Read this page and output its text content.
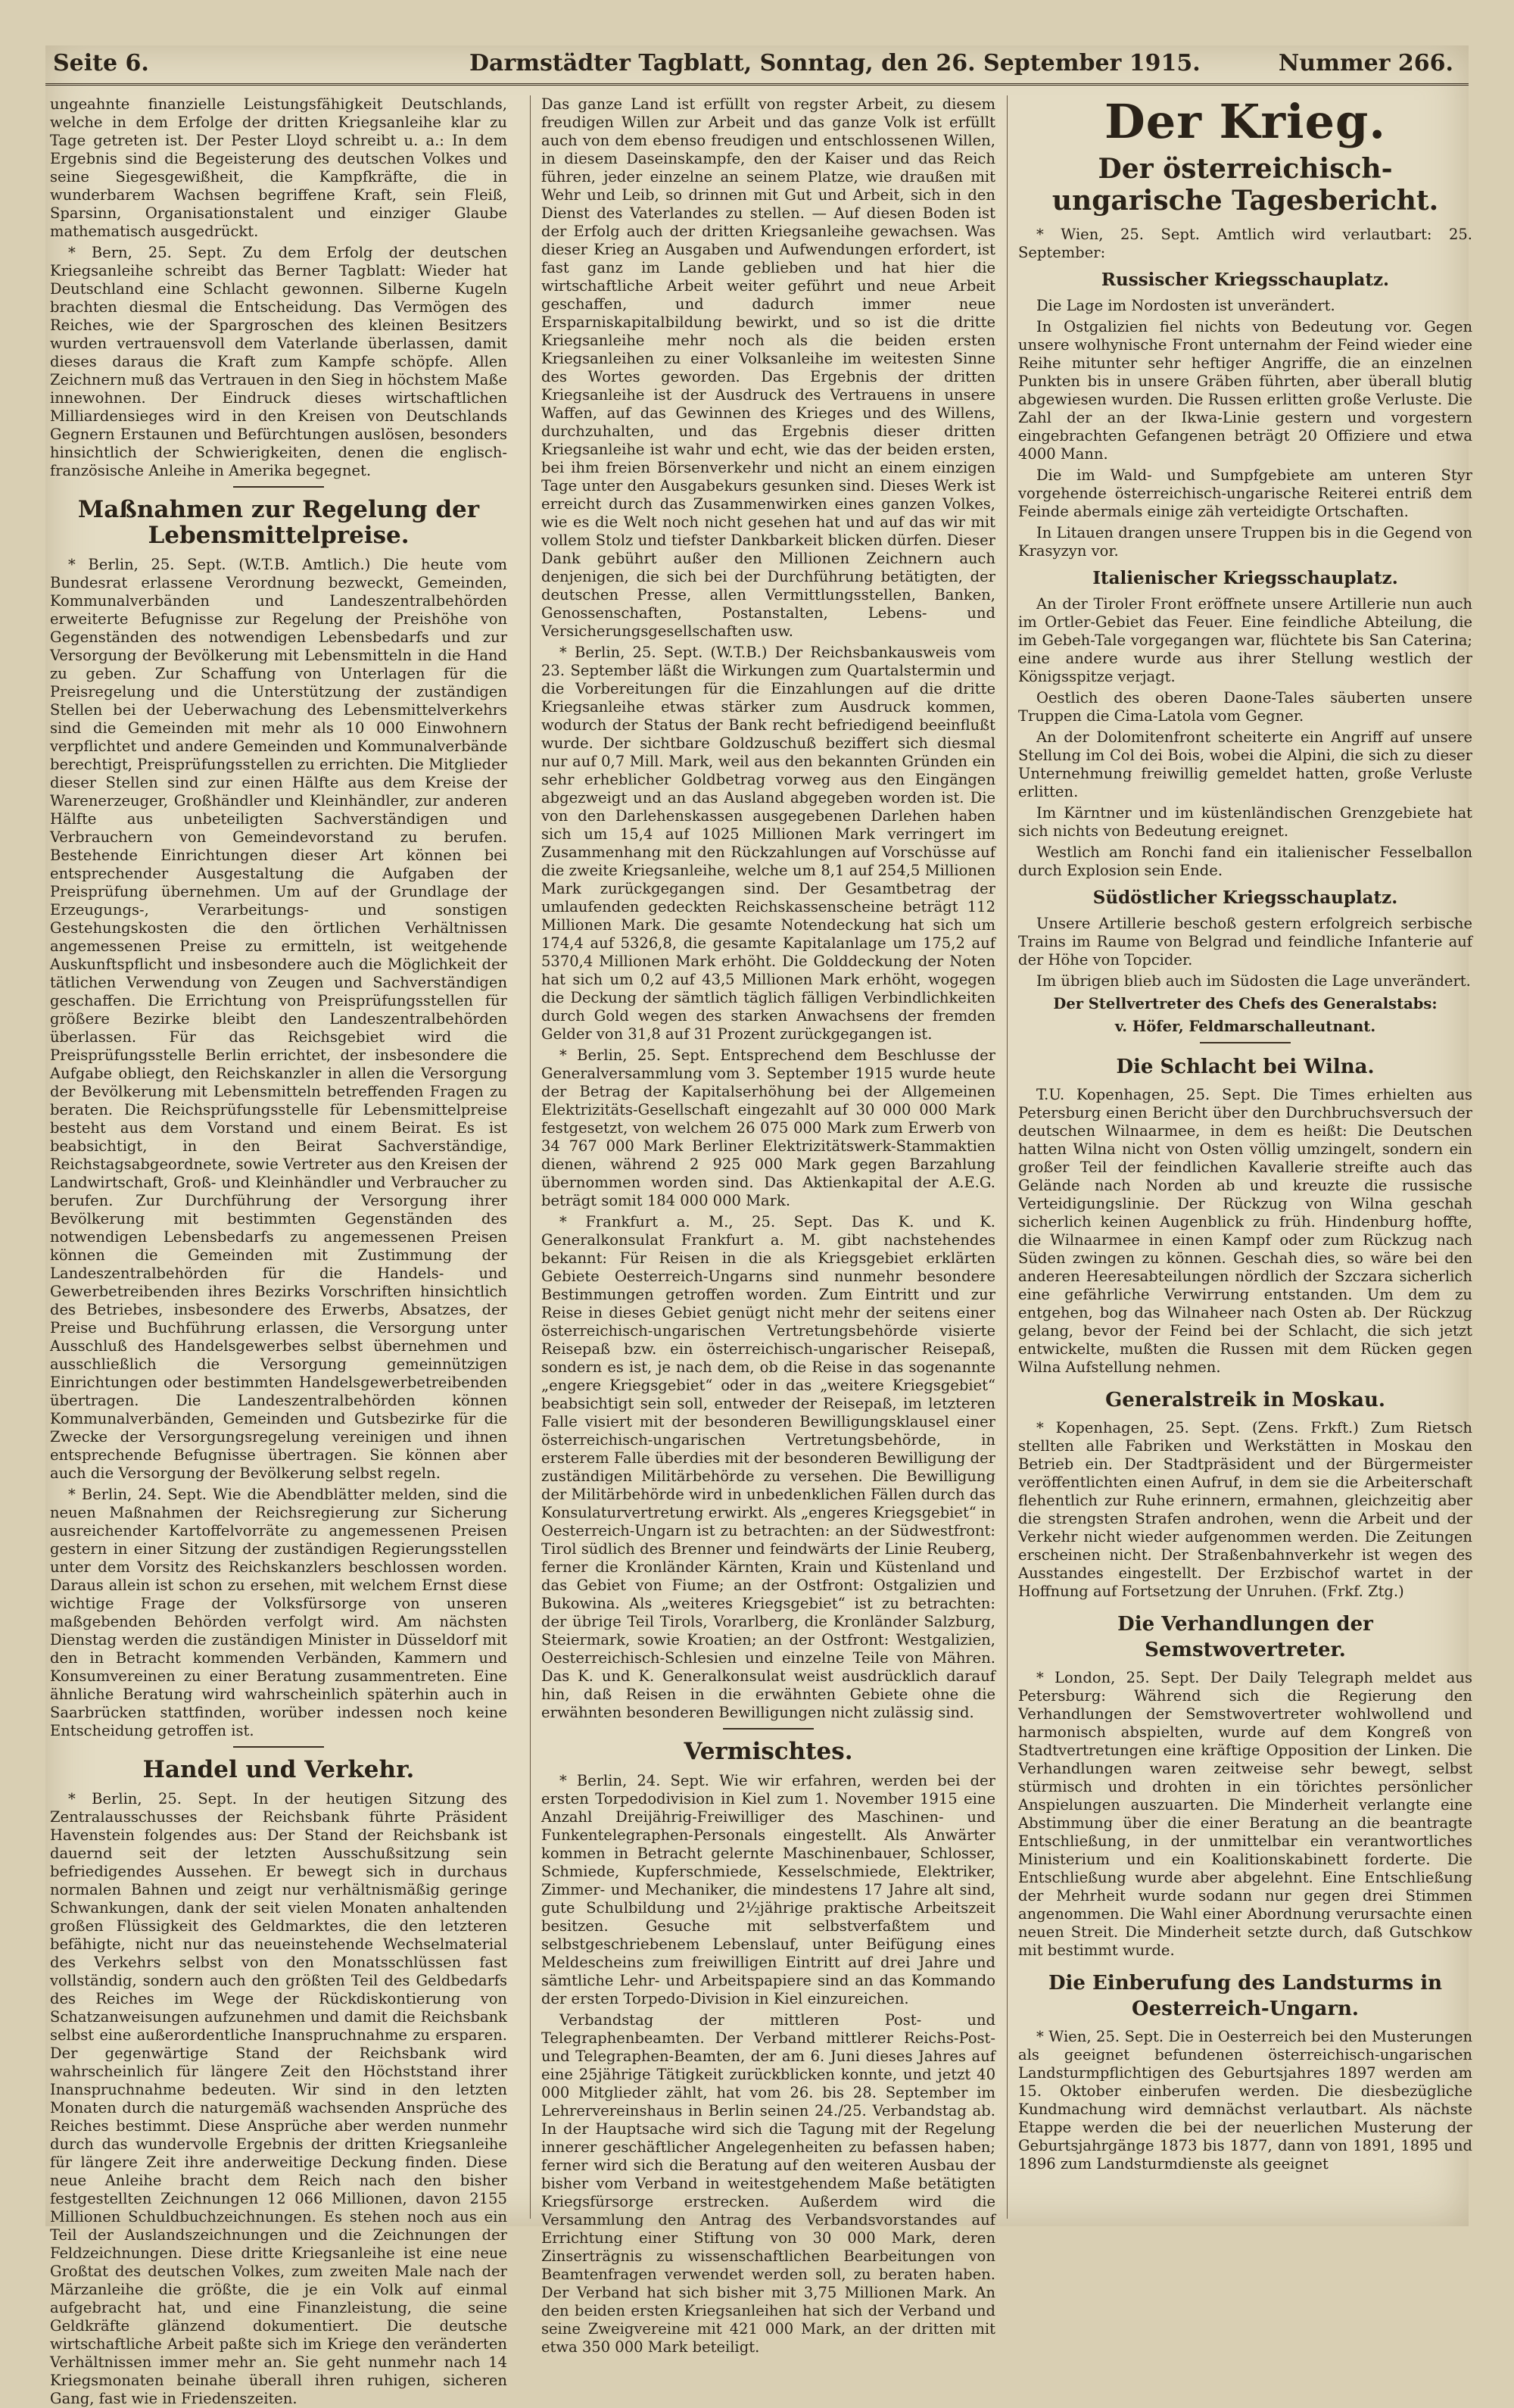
Seite 6.	Darmstädter Tagblatt, Sonntag, den 26. September 1915.	Nummer 266.

ungeahnte finanzielle Leistungsfähigkeit Deutschlands, welche in dem Erfolge der dritten Kriegsanleihe klar zu Tage getreten ist. Der Pester Lloyd schreibt u. a.: In dem Ergebnis sind die Begeisterung des deutschen Volkes und seine Siegesgewißheit, die Kampfkräfte, die in wunderbarem Wachsen begriffene Kraft, sein Fleiß, Sparsinn, Organisationstalent und einziger Glaube mathematisch ausgedrückt.

* Bern, 25. Sept. Zu dem Erfolg der deutschen Kriegsanleihe schreibt das Berner Tagblatt: Wieder hat Deutschland eine Schlacht gewonnen. Silberne Kugeln brachten diesmal die Entscheidung. Das Vermögen des Reiches, wie der Spargroschen des kleinen Besitzers wurden vertrauensvoll dem Vaterlande überlassen, damit dieses daraus die Kraft zum Kampfe schöpfe. Allen Zeichnern muß das Vertrauen in den Sieg in höchstem Maße innewohnen. Der Eindruck dieses wirtschaftlichen Milliardensieges wird in den Kreisen von Deutschlands Gegnern Erstaunen und Befürchtungen auslösen, besonders hinsichtlich der Schwierigkeiten, denen die englisch-französische Anleihe in Amerika begegnet.

Maßnahmen zur Regelung der Lebensmittelpreise.

* Berlin, 25. Sept. (W.T.B. Amtlich.) Die heute vom Bundesrat erlassene Verordnung bezweckt, Gemeinden, Kommunalverbänden und Landeszentralbehörden erweiterte Befugnisse zur Regelung der Preishöhe von Gegenständen des notwendigen Lebensbedarfs und zur Versorgung der Bevölkerung mit Lebensmitteln in die Hand zu geben. Zur Schaffung von Unterlagen für die Preisregelung und die Unterstützung der zuständigen Stellen bei der Ueberwachung des Lebensmittelverkehrs sind die Gemeinden mit mehr als 10 000 Einwohnern verpflichtet und andere Gemeinden und Kommunalverbände berechtigt, Preisprüfungsstellen zu errichten. Die Mitglieder dieser Stellen sind zur einen Hälfte aus dem Kreise der Warenerzeuger, Großhändler und Kleinhändler, zur anderen Hälfte aus unbeteiligten Sachverständigen und Verbrauchern von Gemeindevorstand zu berufen. Bestehende Einrichtungen dieser Art können bei entsprechender Ausgestaltung die Aufgaben der Preisprüfung übernehmen. Um auf der Grundlage der Erzeugungs-, Verarbeitungs- und sonstigen Gestehungskosten die den örtlichen Verhältnissen angemessenen Preise zu ermitteln, ist weitgehende Auskunftspflicht und insbesondere auch die Möglichkeit der tätlichen Verwendung von Zeugen und Sachverständigen geschaffen. Die Errichtung von Preisprüfungsstellen für größere Bezirke bleibt den Landeszentralbehörden überlassen. Für das Reichsgebiet wird die Preisprüfungsstelle Berlin errichtet, der insbesondere die Aufgabe obliegt, den Reichskanzler in allen die Versorgung der Bevölkerung mit Lebensmitteln betreffenden Fragen zu beraten. Die Reichsprüfungsstelle für Lebensmittelpreise besteht aus dem Vorstand und einem Beirat. Es ist beabsichtigt, in den Beirat Sachverständige, Reichstagsabgeordnete, sowie Vertreter aus den Kreisen der Landwirtschaft, Groß- und Kleinhändler und Verbraucher zu berufen. Zur Durchführung der Versorgung ihrer Bevölkerung mit bestimmten Gegenständen des notwendigen Lebensbedarfs zu angemessenen Preisen können die Gemeinden mit Zustimmung der Landeszentralbehörden für die Handels- und Gewerbetreibenden ihres Bezirks Vorschriften hinsichtlich des Betriebes, insbesondere des Erwerbs, Absatzes, der Preise und Buchführung erlassen, die Versorgung unter Ausschluß des Handelsgewerbes selbst übernehmen und ausschließlich die Versorgung gemeinnützigen Einrichtungen oder bestimmten Handelsgewerbetreibenden übertragen. Die Landeszentralbehörden können Kommunalverbänden, Gemeinden und Gutsbezirke für die Zwecke der Versorgungsregelung vereinigen und ihnen entsprechende Befugnisse übertragen. Sie können aber auch die Versorgung der Bevölkerung selbst regeln.

* Berlin, 24. Sept. Wie die Abendblätter melden, sind die neuen Maßnahmen der Reichsregierung zur Sicherung ausreichender Kartoffelvorräte zu angemessenen Preisen gestern in einer Sitzung der zuständigen Regierungsstellen unter dem Vorsitz des Reichskanzlers beschlossen worden. Daraus allein ist schon zu ersehen, mit welchem Ernst diese wichtige Frage der Volksfürsorge von unseren maßgebenden Behörden verfolgt wird. Am nächsten Dienstag werden die zuständigen Minister in Düsseldorf mit den in Betracht kommenden Verbänden, Kammern und Konsumvereinen zu einer Beratung zusammentreten. Eine ähnliche Beratung wird wahrscheinlich späterhin auch in Saarbrücken stattfinden, worüber indessen noch keine Entscheidung getroffen ist.

Handel und Verkehr.

* Berlin, 25. Sept. In der heutigen Sitzung des Zentralausschusses der Reichsbank führte Präsident Havenstein folgendes aus: Der Stand der Reichsbank ist dauernd seit der letzten Ausschußsitzung sein befriedigendes Aussehen. Er bewegt sich in durchaus normalen Bahnen und zeigt nur verhältnismäßig geringe Schwankungen, dank der seit vielen Monaten anhaltenden großen Flüssigkeit des Geldmarktes, die den letzteren befähigte, nicht nur das neueinstehende Wechselmaterial des Verkehrs selbst von den Monatsschlüssen fast vollständig, sondern auch den größten Teil des Geldbedarfs des Reiches im Wege der Rückdiskontierung von Schatzanweisungen aufzunehmen und damit die Reichsbank selbst eine außerordentliche Inanspruchnahme zu ersparen. Der gegenwärtige Stand der Reichsbank wird wahrscheinlich für längere Zeit den Höchststand ihrer Inanspruchnahme bedeuten. Wir sind in den letzten Monaten durch die naturgemäß wachsenden Ansprüche des Reiches bestimmt. Diese Ansprüche aber werden nunmehr durch das wundervolle Ergebnis der dritten Kriegsanleihe für längere Zeit ihre anderweitige Deckung finden. Diese neue Anleihe bracht dem Reich nach den bisher festgestellten Zeichnungen 12 066 Millionen, davon 2155 Millionen Schuldbuchzeichnungen. Es stehen noch aus ein Teil der Auslandszeichnungen und die Zeichnungen der Feldzeichnungen. Diese dritte Kriegsanleihe ist eine neue Großtat des deutschen Volkes, zum zweiten Male nach der Märzanleihe die größte, die je ein Volk auf einmal aufgebracht hat, und eine Finanzleistung, die seine Geldkräfte glänzend dokumentiert. Die deutsche wirtschaftliche Arbeit paßte sich im Kriege den veränderten Verhältnissen immer mehr an. Sie geht nunmehr nach 14 Kriegsmonaten beinahe überall ihren ruhigen, sicheren Gang, fast wie in Friedenszeiten.

Das ganze Land ist erfüllt von regster Arbeit, zu diesem freudigen Willen zur Arbeit und das ganze Volk ist erfüllt auch von dem ebenso freudigen und entschlossenen Willen, in diesem Daseinskampfe, den der Kaiser und das Reich führen, jeder einzelne an seinem Platze, wie draußen mit Wehr und Leib, so drinnen mit Gut und Arbeit, sich in den Dienst des Vaterlandes zu stellen. — Auf diesen Boden ist der Erfolg auch der dritten Kriegsanleihe gewachsen. Was dieser Krieg an Ausgaben und Aufwendungen erfordert, ist fast ganz im Lande geblieben und hat hier die wirtschaftliche Arbeit weiter geführt und neue Arbeit geschaffen, und dadurch immer neue Ersparniskapitalbildung bewirkt, und so ist die dritte Kriegsanleihe mehr noch als die beiden ersten Kriegsanleihen zu einer Volksanleihe im weitesten Sinne des Wortes geworden. Das Ergebnis der dritten Kriegsanleihe ist der Ausdruck des Vertrauens in unsere Waffen, auf das Gewinnen des Krieges und des Willens, durchzuhalten, und das Ergebnis dieser dritten Kriegsanleihe ist wahr und echt, wie das der beiden ersten, bei ihm freien Börsenverkehr und nicht an einem einzigen Tage unter den Ausgabekurs gesunken sind. Dieses Werk ist erreicht durch das Zusammenwirken eines ganzen Volkes, wie es die Welt noch nicht gesehen hat und auf das wir mit vollem Stolz und tiefster Dankbarkeit blicken dürfen. Dieser Dank gebührt außer den Millionen Zeichnern auch denjenigen, die sich bei der Durchführung betätigten, der deutschen Presse, allen Vermittlungsstellen, Banken, Genossenschaften, Postanstalten, Lebens- und Versicherungsgesellschaften usw.

* Berlin, 25. Sept. (W.T.B.) Der Reichsbankausweis vom 23. September läßt die Wirkungen zum Quartalstermin und die Vorbereitungen für die Einzahlungen auf die dritte Kriegsanleihe etwas stärker zum Ausdruck kommen, wodurch der Status der Bank recht befriedigend beeinflußt wurde. Der sichtbare Goldzuschuß beziffert sich diesmal nur auf 0,7 Mill. Mark, weil aus den bekannten Gründen ein sehr erheblicher Goldbetrag vorweg aus den Eingängen abgezweigt und an das Ausland abgegeben worden ist. Die von den Darlehenskassen ausgegebenen Darlehen haben sich um 15,4 auf 1025 Millionen Mark verringert im Zusammenhang mit den Rückzahlungen auf Vorschüsse auf die zweite Kriegsanleihe, welche um 8,1 auf 254,5 Millionen Mark zurückgegangen sind. Der Gesamtbetrag der umlaufenden gedeckten Reichskassenscheine beträgt 112 Millionen Mark. Die gesamte Notendeckung hat sich um 174,4 auf 5326,8, die gesamte Kapitalanlage um 175,2 auf 5370,4 Millionen Mark erhöht. Die Golddeckung der Noten hat sich um 0,2 auf 43,5 Millionen Mark erhöht, wogegen die Deckung der sämtlich täglich fälligen Verbindlichkeiten durch Gold wegen des starken Anwachsens der fremden Gelder von 31,8 auf 31 Prozent zurückgegangen ist.

* Berlin, 25. Sept. Entsprechend dem Beschlusse der Generalversammlung vom 3. September 1915 wurde heute der Betrag der Kapitalserhöhung bei der Allgemeinen Elektrizitäts-Gesellschaft eingezahlt auf 30 000 000 Mark festgesetzt, von welchem 26 075 000 Mark zum Erwerb von 34 767 000 Mark Berliner Elektrizitätswerk-Stammaktien dienen, während 2 925 000 Mark gegen Barzahlung übernommen worden sind. Das Aktienkapital der A.E.G. beträgt somit 184 000 000 Mark.

* Frankfurt a. M., 25. Sept. Das K. und K. Generalkonsulat Frankfurt a. M. gibt nachstehendes bekannt: Für Reisen in die als Kriegsgebiet erklärten Gebiete Oesterreich-Ungarns sind nunmehr besondere Bestimmungen getroffen worden. Zum Eintritt und zur Reise in dieses Gebiet genügt nicht mehr der seitens einer österreichisch-ungarischen Vertretungsbehörde visierte Reisepaß bzw. ein österreichisch-ungarischer Reisepaß, sondern es ist, je nach dem, ob die Reise in das sogenannte „engere Kriegsgebiet“ oder in das „weitere Kriegsgebiet“ beabsichtigt sein soll, entweder der Reisepaß, im letzteren Falle visiert mit der besonderen Bewilligungsklausel einer österreichisch-ungarischen Vertretungsbehörde, in ersterem Falle überdies mit der besonderen Bewilligung der zuständigen Militärbehörde zu versehen. Die Bewilligung der Militärbehörde wird in unbedenklichen Fällen durch das Konsulaturvertretung erwirkt. Als „engeres Kriegsgebiet“ in Oesterreich-Ungarn ist zu betrachten: an der Südwestfront: Tirol südlich des Brenner und feindwärts der Linie Reuberg, ferner die Kronländer Kärnten, Krain und Küstenland und das Gebiet von Fiume; an der Ostfront: Ostgalizien und Bukowina. Als „weiteres Kriegsgebiet“ ist zu betrachten: der übrige Teil Tirols, Vorarlberg, die Kronländer Salzburg, Steiermark, sowie Kroatien; an der Ostfront: Westgalizien, Oesterreichisch-Schlesien und einzelne Teile von Mähren. Das K. und K. Generalkonsulat weist ausdrücklich darauf hin, daß Reisen in die erwähnten Gebiete ohne die erwähnten besonderen Bewilligungen nicht zulässig sind.

Vermischtes.

* Berlin, 24. Sept. Wie wir erfahren, werden bei der ersten Torpedodivision in Kiel zum 1. November 1915 eine Anzahl Dreijährig-Freiwilliger des Maschinen- und Funkentelegraphen-Personals eingestellt. Als Anwärter kommen in Betracht gelernte Maschinenbauer, Schlosser, Schmiede, Kupferschmiede, Kesselschmiede, Elektriker, Zimmer- und Mechaniker, die mindestens 17 Jahre alt sind, gute Schulbildung und 2½jährige praktische Arbeitszeit besitzen. Gesuche mit selbstverfaßtem und selbstgeschriebenem Lebenslauf, unter Beifügung eines Meldescheins zum freiwilligen Eintritt auf drei Jahre und sämtliche Lehr- und Arbeitspapiere sind an das Kommando der ersten Torpedo-Division in Kiel einzureichen.

Verbandstag der mittleren Post- und Telegraphenbeamten. Der Verband mittlerer Reichs-Post- und Telegraphen-Beamten, der am 6. Juni dieses Jahres auf eine 25jährige Tätigkeit zurückblicken konnte, und jetzt 40 000 Mitglieder zählt, hat vom 26. bis 28. September im Lehrervereinshaus in Berlin seinen 24./25. Verbandstag ab. In der Hauptsache wird sich die Tagung mit der Regelung innerer geschäftlicher Angelegenheiten zu befassen haben; ferner wird sich die Beratung auf den weiteren Ausbau der bisher vom Verband in weitestgehendem Maße betätigten Kriegsfürsorge erstrecken. Außerdem wird die Versammlung den Antrag des Verbandsvorstandes auf Errichtung einer Stiftung von 30 000 Mark, deren Zinserträgnis zu wissenschaftlichen Bearbeitungen von Beamtenfragen verwendet werden soll, zu beraten haben. Der Verband hat sich bisher mit 3,75 Millionen Mark. An den beiden ersten Kriegsanleihen hat sich der Verband und seine Zweigvereine mit 421 000 Mark, an der dritten mit etwa 350 000 Mark beteiligt.

Der Krieg.
Der österreichisch-ungarische Tagesbericht.

* Wien, 25. Sept. Amtlich wird verlautbart: 25. September:

Russischer Kriegsschauplatz.

Die Lage im Nordosten ist unverändert.

In Ostgalizien fiel nichts von Bedeutung vor. Gegen unsere wolhynische Front unternahm der Feind wieder eine Reihe mitunter sehr heftiger Angriffe, die an einzelnen Punkten bis in unsere Gräben führten, aber überall blutig abgewiesen wurden. Die Russen erlitten große Verluste. Die Zahl der an der Ikwa-Linie gestern und vorgestern eingebrachten Gefangenen beträgt 20 Offiziere und etwa 4000 Mann.

Die im Wald- und Sumpfgebiete am unteren Styr vorgehende österreichisch-ungarische Reiterei entriß dem Feinde abermals einige zäh verteidigte Ortschaften.

In Litauen drangen unsere Truppen bis in die Gegend von Krasyzyn vor.

Italienischer Kriegsschauplatz.

An der Tiroler Front eröffnete unsere Artillerie nun auch im Ortler-Gebiet das Feuer. Eine feindliche Abteilung, die im Gebeh-Tale vorgegangen war, flüchtete bis San Caterina; eine andere wurde aus ihrer Stellung westlich der Königsspitze verjagt.

Oestlich des oberen Daone-Tales säuberten unsere Truppen die Cima-Latola vom Gegner.

An der Dolomitenfront scheiterte ein Angriff auf unsere Stellung im Col dei Bois, wobei die Alpini, die sich zu dieser Unternehmung freiwillig gemeldet hatten, große Verluste erlitten.

Im Kärntner und im küstenländischen Grenzgebiete hat sich nichts von Bedeutung ereignet.

Westlich am Ronchi fand ein italienischer Fesselballon durch Explosion sein Ende.

Südöstlicher Kriegsschauplatz.

Unsere Artillerie beschoß gestern erfolgreich serbische Trains im Raume von Belgrad und feindliche Infanterie auf der Höhe von Topcider.

Im übrigen blieb auch im Südosten die Lage unverändert.

Der Stellvertreter des Chefs des Generalstabs:

v. Höfer, Feldmarschalleutnant.

Die Schlacht bei Wilna.

T.U. Kopenhagen, 25. Sept. Die Times erhielten aus Petersburg einen Bericht über den Durchbruchsversuch der deutschen Wilnaarmee, in dem es heißt: Die Deutschen hatten Wilna nicht von Osten völlig umzingelt, sondern ein großer Teil der feindlichen Kavallerie streifte auch das Gelände nach Norden ab und kreuzte die russische Verteidigungslinie. Der Rückzug von Wilna geschah sicherlich keinen Augenblick zu früh. Hindenburg hoffte, die Wilnaarmee in einen Kampf oder zum Rückzug nach Süden zwingen zu können. Geschah dies, so wäre bei den anderen Heeresabteilungen nördlich der Szczara sicherlich eine gefährliche Verwirrung entstanden. Um dem zu entgehen, bog das Wilnaheer nach Osten ab. Der Rückzug gelang, bevor der Feind bei der Schlacht, die sich jetzt entwickelte, mußten die Russen mit dem Rücken gegen Wilna Aufstellung nehmen.

Generalstreik in Moskau.

* Kopenhagen, 25. Sept. (Zens. Frkft.) Zum Rietsch stellten alle Fabriken und Werkstätten in Moskau den Betrieb ein. Der Stadtpräsident und der Bürgermeister veröffentlichten einen Aufruf, in dem sie die Arbeiterschaft flehentlich zur Ruhe erinnern, ermahnen, gleichzeitig aber die strengsten Strafen androhen, wenn die Arbeit und der Verkehr nicht wieder aufgenommen werden. Die Zeitungen erscheinen nicht. Der Straßenbahnverkehr ist wegen des Ausstandes eingestellt. Der Erzbischof wartet in der Hoffnung auf Fortsetzung der Unruhen. (Frkf. Ztg.)

Die Verhandlungen der Semstwovertreter.

* London, 25. Sept. Der Daily Telegraph meldet aus Petersburg: Während sich die Regierung den Verhandlungen der Semstwovertreter wohlwollend und harmonisch abspielten, wurde auf dem Kongreß von Stadtvertretungen eine kräftige Opposition der Linken. Die Verhandlungen waren zeitweise sehr bewegt, selbst stürmisch und drohten in ein törichtes persönlicher Anspielungen auszuarten. Die Minderheit verlangte eine Abstimmung über die einer Beratung an die beantragte Entschließung, in der unmittelbar ein verantwortliches Ministerium und ein Koalitionskabinett forderte. Die Entschließung wurde aber abgelehnt. Eine Entschließung der Mehrheit wurde sodann nur gegen drei Stimmen angenommen. Die Wahl einer Abordnung verursachte einen neuen Streit. Die Minderheit setzte durch, daß Gutschkow mit bestimmt wurde.

Die Einberufung des Landsturms in Oesterreich-Ungarn.

* Wien, 25. Sept. Die in Oesterreich bei den Musterungen als geeignet befundenen österreichisch-ungarischen Landsturmpflichtigen des Geburtsjahres 1897 werden am 15. Oktober einberufen werden. Die diesbezügliche Kundmachung wird demnächst verlautbart. Als nächste Etappe werden die bei der neuerlichen Musterung der Geburtsjahrgänge 1873 bis 1877, dann von 1891, 1895 und 1896 zum Landsturmdienste als geeignet
